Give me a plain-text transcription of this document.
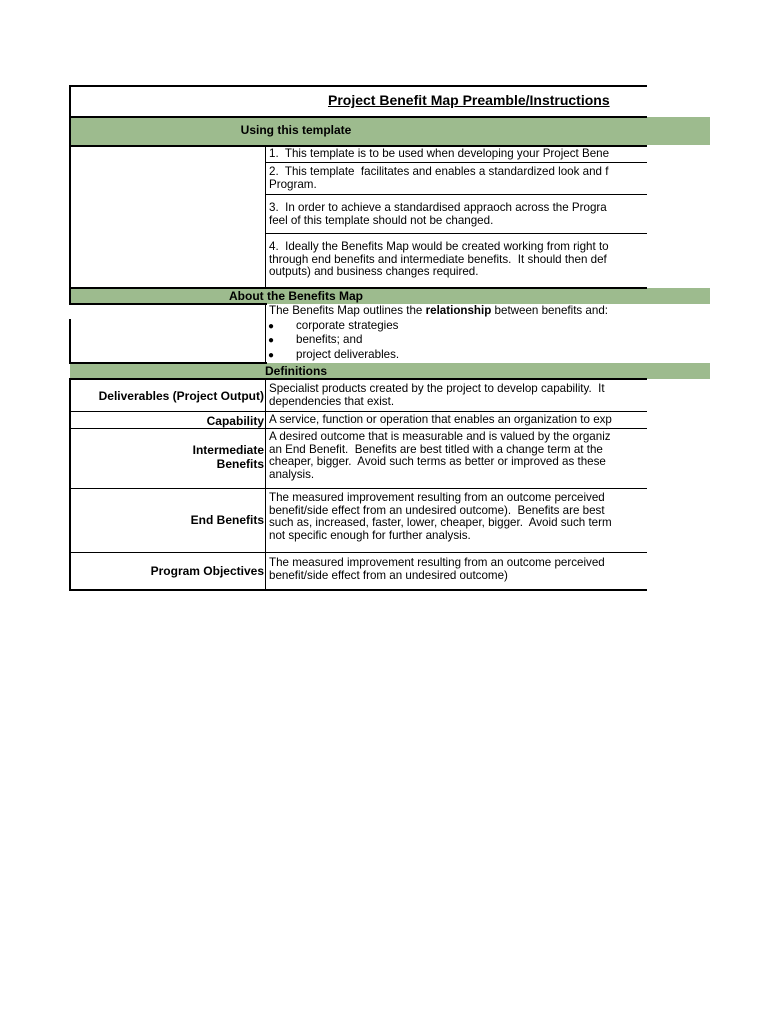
Project Benefit Map Preamble/Instructions
Using this template
About the Benefits Map
Definitions
1.  This template is to be used when developing your Project Bene
2.  This template  facilitates and enables a standardized look and f
Program.
3.  In order to achieve a standardised appraoch across the Progra
feel of this template should not be changed.
4.  Ideally the Benefits Map would be created working from right to
through end benefits and intermediate benefits.  It should then def
outputs) and business changes required.
The Benefits Map outlines the relationship between benefits and:
● corporate strategies
● benefits; and
● project deliverables.
Deliverables (Project Output)
Capability
Intermediate
Benefits
End Benefits
Program Objectives
Specialist products created by the project to develop capability.  It
dependencies that exist.
A service, function or operation that enables an organization to exp
A desired outcome that is measurable and is valued by the organiz
an End Benefit.  Benefits are best titled with a change term at the
cheaper, bigger.  Avoid such terms as better or improved as these
analysis.
The measured improvement resulting from an outcome perceived
benefit/side effect from an undesired outcome).  Benefits are best
such as, increased, faster, lower, cheaper, bigger.  Avoid such term
not specific enough for further analysis.
The measured improvement resulting from an outcome perceived
benefit/side effect from an undesired outcome)
